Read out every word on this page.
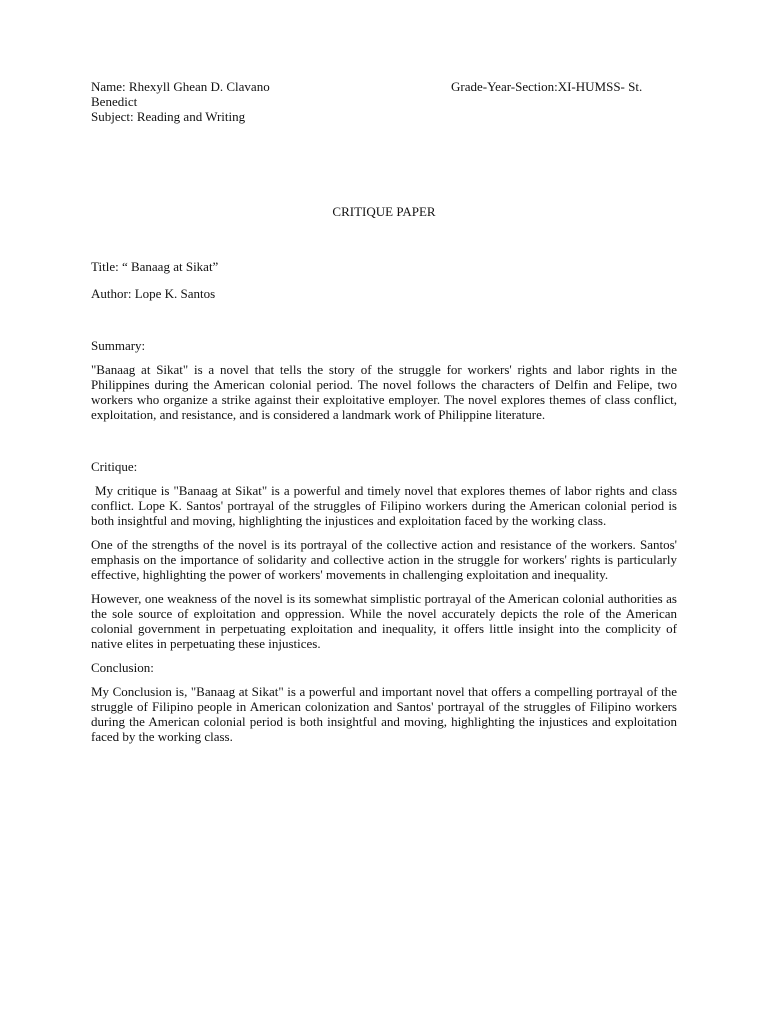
Name: Rhexyll Ghean D. Clavano	Grade-Year-Section:XI-HUMSS- St. Benedict

Subject: Reading and Writing

CRITIQUE PAPER

Title: “ Banaag at Sikat”

Author: Lope K. Santos

Summary:

"Banaag at Sikat" is a novel that tells the story of the struggle for workers' rights and labor rights in the Philippines during the American colonial period. The novel follows the characters of Delfin and Felipe, two workers who organize a strike against their exploitative employer. The novel explores themes of class conflict, exploitation, and resistance, and is considered a landmark work of Philippine literature.

Critique:

My critique is "Banaag at Sikat" is a powerful and timely novel that explores themes of labor rights and class conflict. Lope K. Santos' portrayal of the struggles of Filipino workers during the American colonial period is both insightful and moving, highlighting the injustices and exploitation faced by the working class.

One of the strengths of the novel is its portrayal of the collective action and resistance of the workers. Santos' emphasis on the importance of solidarity and collective action in the struggle for workers' rights is particularly effective, highlighting the power of workers' movements in challenging exploitation and inequality.

However, one weakness of the novel is its somewhat simplistic portrayal of the American colonial authorities as the sole source of exploitation and oppression. While the novel accurately depicts the role of the American colonial government in perpetuating exploitation and inequality, it offers little insight into the complicity of native elites in perpetuating these injustices.

Conclusion:

My Conclusion is, "Banaag at Sikat" is a powerful and important novel that offers a compelling portrayal of the struggle of Filipino people in American colonization and Santos' portrayal of the struggles of Filipino workers during the American colonial period is both insightful and moving, highlighting the injustices and exploitation faced by the working class.
